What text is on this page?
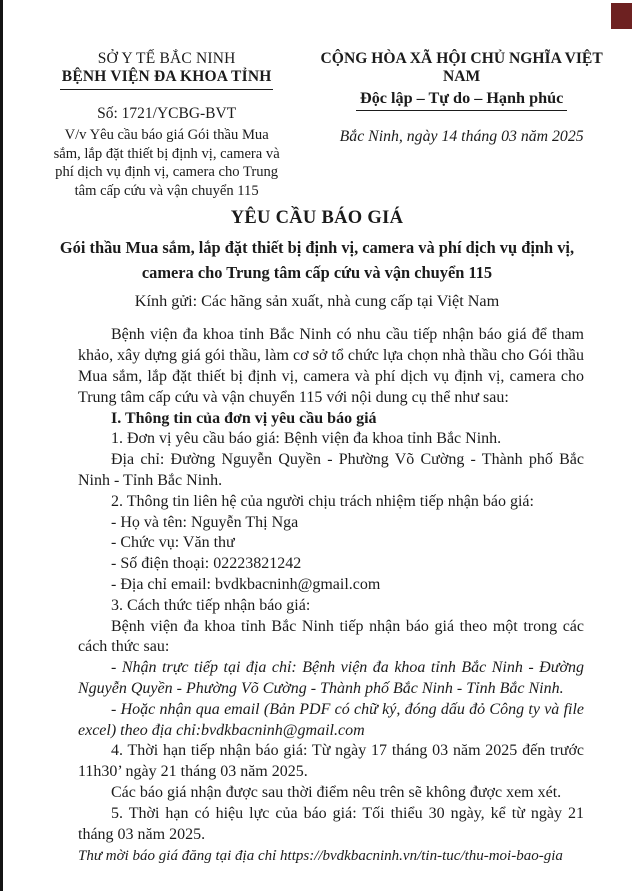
SỞ Y TẾ BẮC NINH
BỆNH VIỆN ĐA KHOA TỈNH
Số: 1721/YCBG-BVT
V/v Yêu cầu báo giá Gói thầu Mua sắm, lắp đặt thiết bị định vị, camera và phí dịch vụ định vị, camera cho Trung tâm cấp cứu và vận chuyển 115
CỘNG HÒA XÃ HỘI CHỦ NGHĨA VIỆT NAM
Độc lập – Tự do – Hạnh phúc
Bắc Ninh, ngày 14 tháng 03 năm 2025
YÊU CẦU BÁO GIÁ
Gói thầu Mua sắm, lắp đặt thiết bị định vị, camera và phí dịch vụ định vị, camera cho Trung tâm cấp cứu và vận chuyển 115
Kính gửi: Các hãng sản xuất, nhà cung cấp tại Việt Nam

Bệnh viện đa khoa tỉnh Bắc Ninh có nhu cầu tiếp nhận báo giá để tham khảo, xây dựng giá gói thầu, làm cơ sở tổ chức lựa chọn nhà thầu cho Gói thầu Mua sắm, lắp đặt thiết bị định vị, camera và phí dịch vụ định vị, camera cho Trung tâm cấp cứu và vận chuyển 115 với nội dung cụ thể như sau:

I. Thông tin của đơn vị yêu cầu báo giá

1. Đơn vị yêu cầu báo giá: Bệnh viện đa khoa tỉnh Bắc Ninh.

Địa chỉ: Đường Nguyễn Quyền - Phường Võ Cường - Thành phố Bắc Ninh - Tỉnh Bắc Ninh.

2. Thông tin liên hệ của người chịu trách nhiệm tiếp nhận báo giá:

- Họ và tên: Nguyễn Thị Nga

- Chức vụ: Văn thư

- Số điện thoại: 02223821242

- Địa chỉ email: bvdkbacninh@gmail.com

3. Cách thức tiếp nhận báo giá:

Bệnh viện đa khoa tỉnh Bắc Ninh tiếp nhận báo giá theo một trong các cách thức sau:

- Nhận trực tiếp tại địa chỉ: Bệnh viện đa khoa tỉnh Bắc Ninh - Đường Nguyễn Quyền - Phường Võ Cường - Thành phố Bắc Ninh - Tỉnh Bắc Ninh.

- Hoặc nhận qua email (Bản PDF có chữ ký, đóng dấu đỏ Công ty và file excel) theo địa chỉ:bvdkbacninh@gmail.com

4. Thời hạn tiếp nhận báo giá: Từ ngày 17 tháng 03 năm 2025 đến trước 11h30’ ngày 21 tháng 03 năm 2025.

Các báo giá nhận được sau thời điểm nêu trên sẽ không được xem xét.

5. Thời hạn có hiệu lực của báo giá: Tối thiểu 30 ngày, kể từ ngày 21 tháng 03 năm 2025.

Thư mời báo giá đăng tại địa chỉ https://bvdkbacninh.vn/tin-tuc/thu-moi-bao-gia
